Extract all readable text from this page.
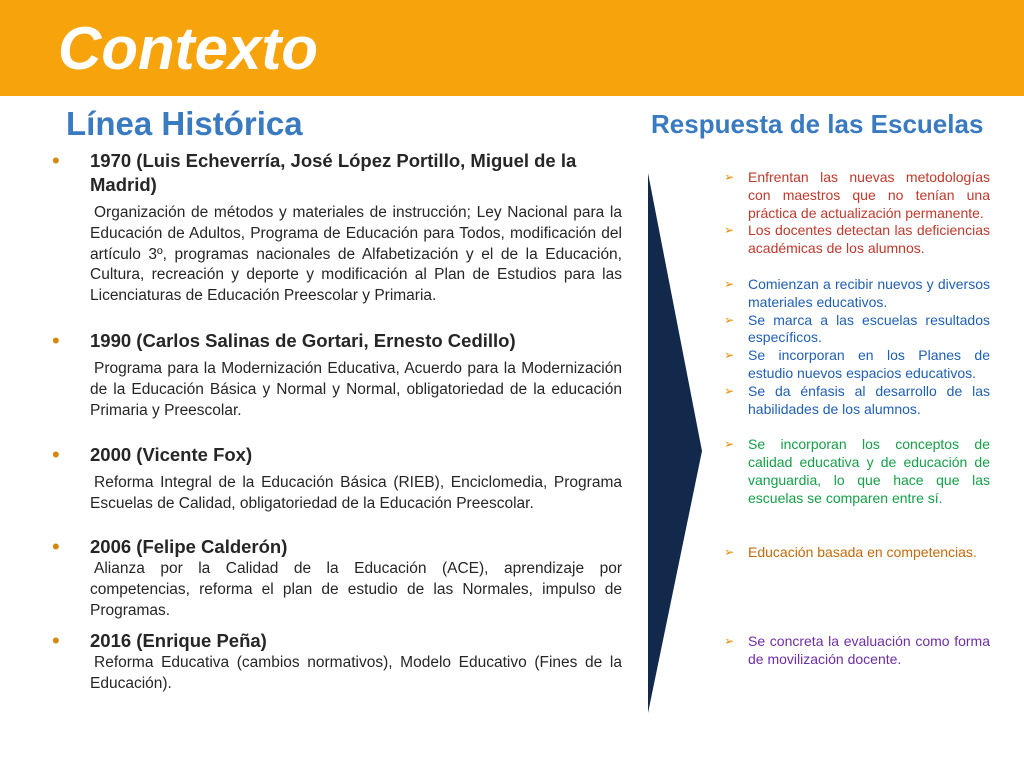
Contexto
Línea Histórica	Respuesta de las Escuelas
•	1970 (Luis Echeverría, José López Portillo, Miguel de la Madrid)

Organización de métodos y materiales de instrucción; Ley Nacional para la Educación de Adultos, Programa de Educación para Todos, modificación del artículo 3º, programas nacionales de Alfabetización y el de la Educación, Cultura, recreación y deporte y modificación al Plan de Estudios para las Licenciaturas de Educación Preescolar y Primaria.

•	1990 (Carlos Salinas de Gortari, Ernesto Cedillo)

Programa para la Modernización Educativa, Acuerdo para la Modernización de la Educación Básica y Normal y Normal, obligatoriedad de la educación Primaria y Preescolar.

•	2000 (Vicente Fox)

Reforma Integral de la Educación Básica (RIEB), Enciclomedia, Programa Escuelas de Calidad, obligatoriedad de la Educación Preescolar.

•	2006 (Felipe Calderón)

Alianza por la Calidad de la Educación (ACE), aprendizaje por competencias, reforma el plan de estudio de las Normales, impulso de Programas.

•	2016 (Enrique Peña)

Reforma Educativa (cambios normativos), Modelo Educativo (Fines de la Educación).

➢ Enfrentan las nuevas metodologías con maestros que no tenían una práctica de actualización permanente.
➢ Los docentes detectan las deficiencias académicas de los alumnos.
➢ Comienzan a recibir nuevos y diversos materiales educativos.
➢ Se marca a las escuelas resultados específicos.
➢ Se incorporan en los Planes de estudio nuevos espacios educativos.
➢ Se da énfasis al desarrollo de las habilidades de los alumnos.
➢ Se incorporan los conceptos de calidad educativa y de educación de vanguardia, lo que hace que las escuelas se comparen entre sí.
➢ Educación basada en competencias.
➢ Se concreta la evaluación como forma de movilización docente.
